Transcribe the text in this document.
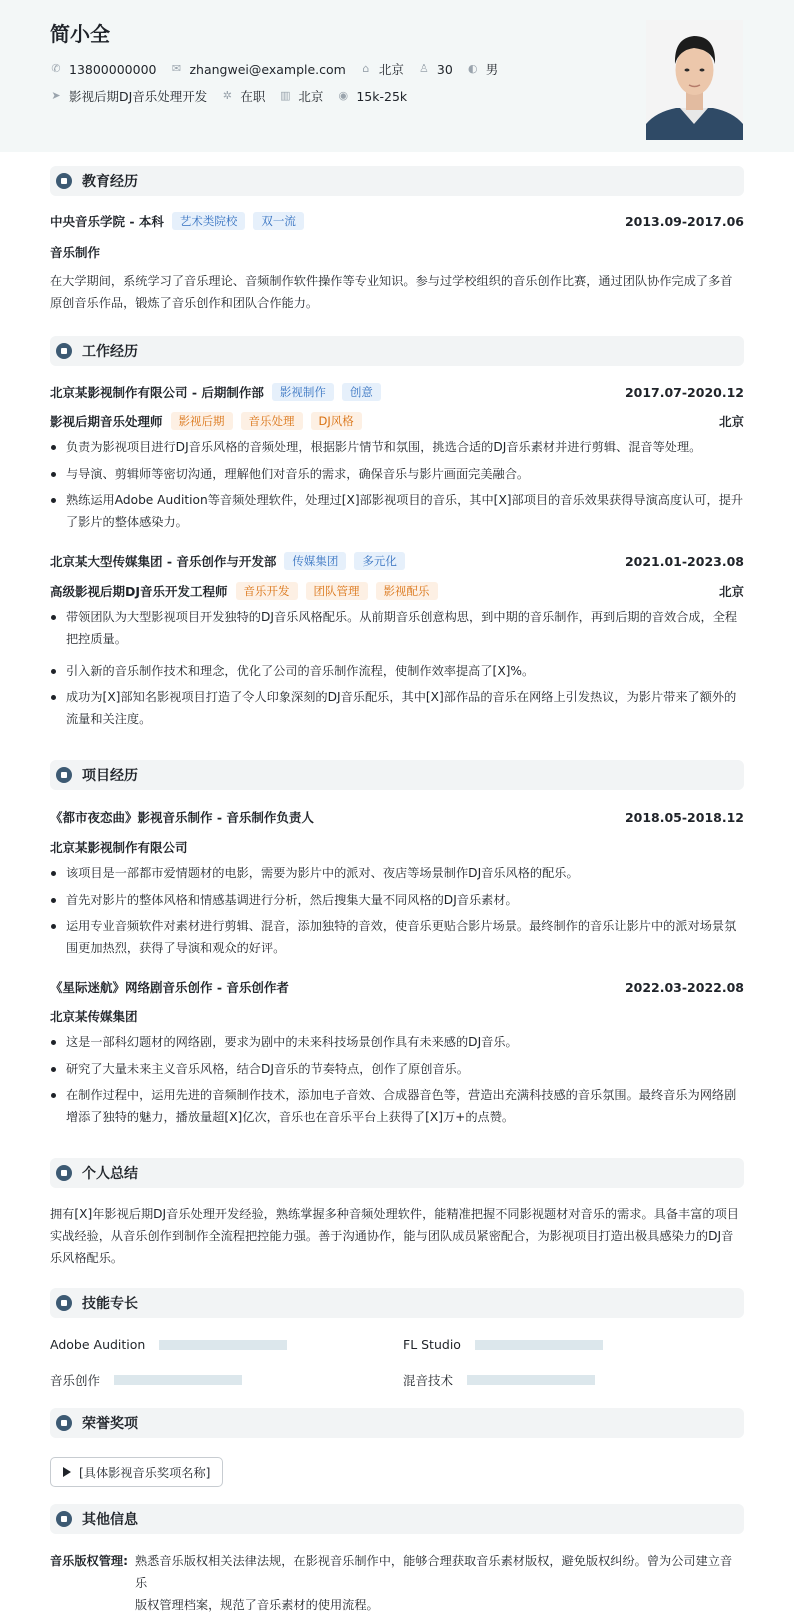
简小全
✆ 13800000000 ✉ zhangwei@example.com ⌂ 北京 ♙ 30 ◐ 男
➤ 影视后期DJ音乐处理开发 ✲ 在职 ▥ 北京 ◉ 15k-25k
教育经历
中央音乐学院 - 本科	艺术类院校	双一流	2013.09-2017.06
音乐制作
在大学期间，系统学习了音乐理论、音频制作软件操作等专业知识。参与过学校组织的音乐创作比赛，通过团队协作完成了多首原创音乐作品，锻炼了音乐创作和团队合作能力。
工作经历
北京某影视制作有限公司 - 后期制作部	影视制作	创意	2017.07-2020.12
影视后期音乐处理师	影视后期	音乐处理	DJ风格	北京
负责为影视项目进行DJ音乐风格的音频处理，根据影片情节和氛围，挑选合适的DJ音乐素材并进行剪辑、混音等处理。
与导演、剪辑师等密切沟通，理解他们对音乐的需求，确保音乐与影片画面完美融合。
熟练运用Adobe Audition等音频处理软件，处理过[X]部影视项目的音乐，其中[X]部项目的音乐效果获得导演高度认可，提升了影片的整体感染力。
北京某大型传媒集团 - 音乐创作与开发部	传媒集团	多元化	2021.01-2023.08
高级影视后期DJ音乐开发工程师	音乐开发	团队管理	影视配乐	北京
带领团队为大型影视项目开发独特的DJ音乐风格配乐。从前期音乐创意构思，到中期的音乐制作，再到后期的音效合成，全程把控质量。
引入新的音乐制作技术和理念，优化了公司的音乐制作流程，使制作效率提高了[X]%。
成功为[X]部知名影视项目打造了令人印象深刻的DJ音乐配乐，其中[X]部作品的音乐在网络上引发热议，为影片带来了额外的流量和关注度。
项目经历
《都市夜恋曲》影视音乐制作 - 音乐制作负责人	2018.05-2018.12
北京某影视制作有限公司
该项目是一部都市爱情题材的电影，需要为影片中的派对、夜店等场景制作DJ音乐风格的配乐。
首先对影片的整体风格和情感基调进行分析，然后搜集大量不同风格的DJ音乐素材。
运用专业音频软件对素材进行剪辑、混音，添加独特的音效，使音乐更贴合影片场景。最终制作的音乐让影片中的派对场景氛围更加热烈，获得了导演和观众的好评。
《星际迷航》网络剧音乐创作 - 音乐创作者	2022.03-2022.08
北京某传媒集团
这是一部科幻题材的网络剧，要求为剧中的未来科技场景创作具有未来感的DJ音乐。
研究了大量未来主义音乐风格，结合DJ音乐的节奏特点，创作了原创音乐。
在制作过程中，运用先进的音频制作技术，添加电子音效、合成器音色等，营造出充满科技感的音乐氛围。最终音乐为网络剧增添了独特的魅力，播放量超[X]亿次，音乐也在音乐平台上获得了[X]万+的点赞。
个人总结
拥有[X]年影视后期DJ音乐处理开发经验，熟练掌握多种音频处理软件，能精准把握不同影视题材对音乐的需求。具备丰富的项目实战经验，从音乐创作到制作全流程把控能力强。善于沟通协作，能与团队成员紧密配合，为影视项目打造出极具感染力的DJ音乐风格配乐。
技能专长
Adobe Audition	FL Studio
音乐创作	混音技术
荣誉奖项
[具体影视音乐奖项名称]
其他信息
音乐版权管理: 熟悉音乐版权相关法律法规，在影视音乐制作中，能够合理获取音乐素材版权，避免版权纠纷。曾为公司建立音乐
版权管理档案，规范了音乐素材的使用流程。
